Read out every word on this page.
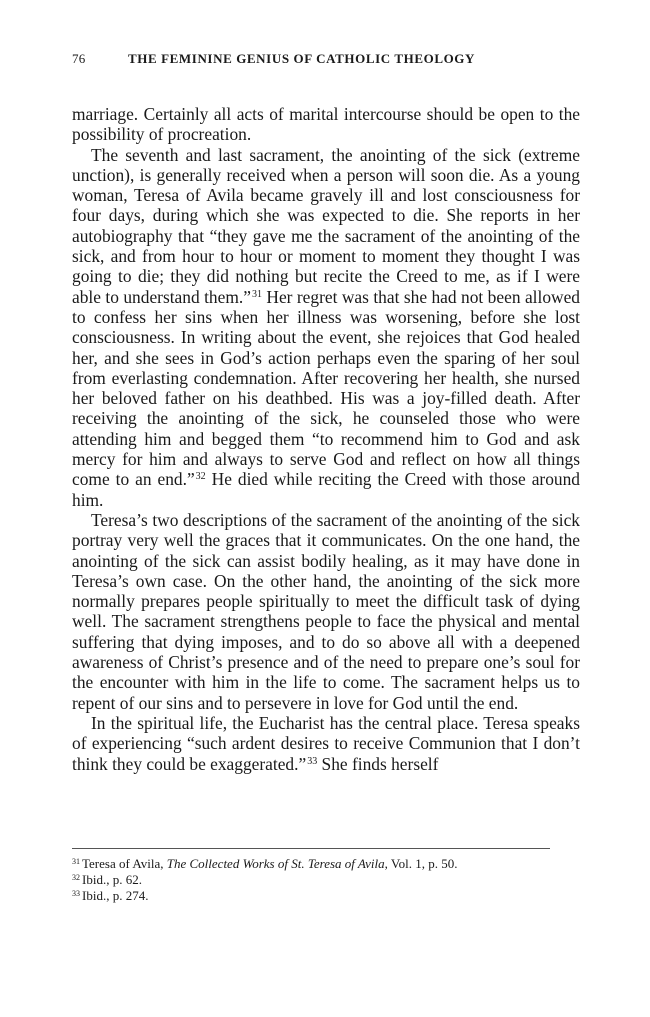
76	THE FEMININE GENIUS OF CATHOLIC THEOLOGY

marriage. Certainly all acts of marital intercourse should be open to the possibility of procreation.

The seventh and last sacrament, the anointing of the sick (extreme unction), is generally received when a person will soon die. As a young woman, Teresa of Avila became gravely ill and lost consciousness for four days, during which she was expected to die. She reports in her autobiography that “they gave me the sacrament of the anointing of the sick, and from hour to hour or moment to moment they thought I was going to die; they did nothing but recite the Creed to me, as if I were able to understand them.”$^{31}$ Her regret was that she had not been allowed to confess her sins when her illness was worsening, before she lost consciousness. In writing about the event, she rejoices that God healed her, and she sees in God’s action perhaps even the sparing of her soul from everlasting condemnation. After recovering her health, she nursed her beloved father on his deathbed. His was a joy-filled death. After receiving the anointing of the sick, he counseled those who were attending him and begged them “to recommend him to God and ask mercy for him and always to serve God and reflect on how all things come to an end.”$^{32}$ He died while reciting the Creed with those around him.

Teresa’s two descriptions of the sacrament of the anointing of the sick portray very well the graces that it communicates. On the one hand, the anointing of the sick can assist bodily healing, as it may have done in Teresa’s own case. On the other hand, the anointing of the sick more normally prepares people spiritually to meet the difficult task of dying well. The sacrament strengthens people to face the physical and mental suffering that dying imposes, and to do so above all with a deepened awareness of Christ’s presence and of the need to prepare one’s soul for the encounter with him in the life to come. The sacrament helps us to repent of our sins and to persevere in love for God until the end.

In the spiritual life, the Eucharist has the central place. Teresa speaks of experiencing “such ardent desires to receive Communion that I don’t think they could be exaggerated.”$^{33}$ She finds herself

$^{31}$ Teresa of Avila, The Collected Works of St. Teresa of Avila, Vol. 1, p. 50.

$^{32}$ Ibid., p. 62.

$^{33}$ Ibid., p. 274.
